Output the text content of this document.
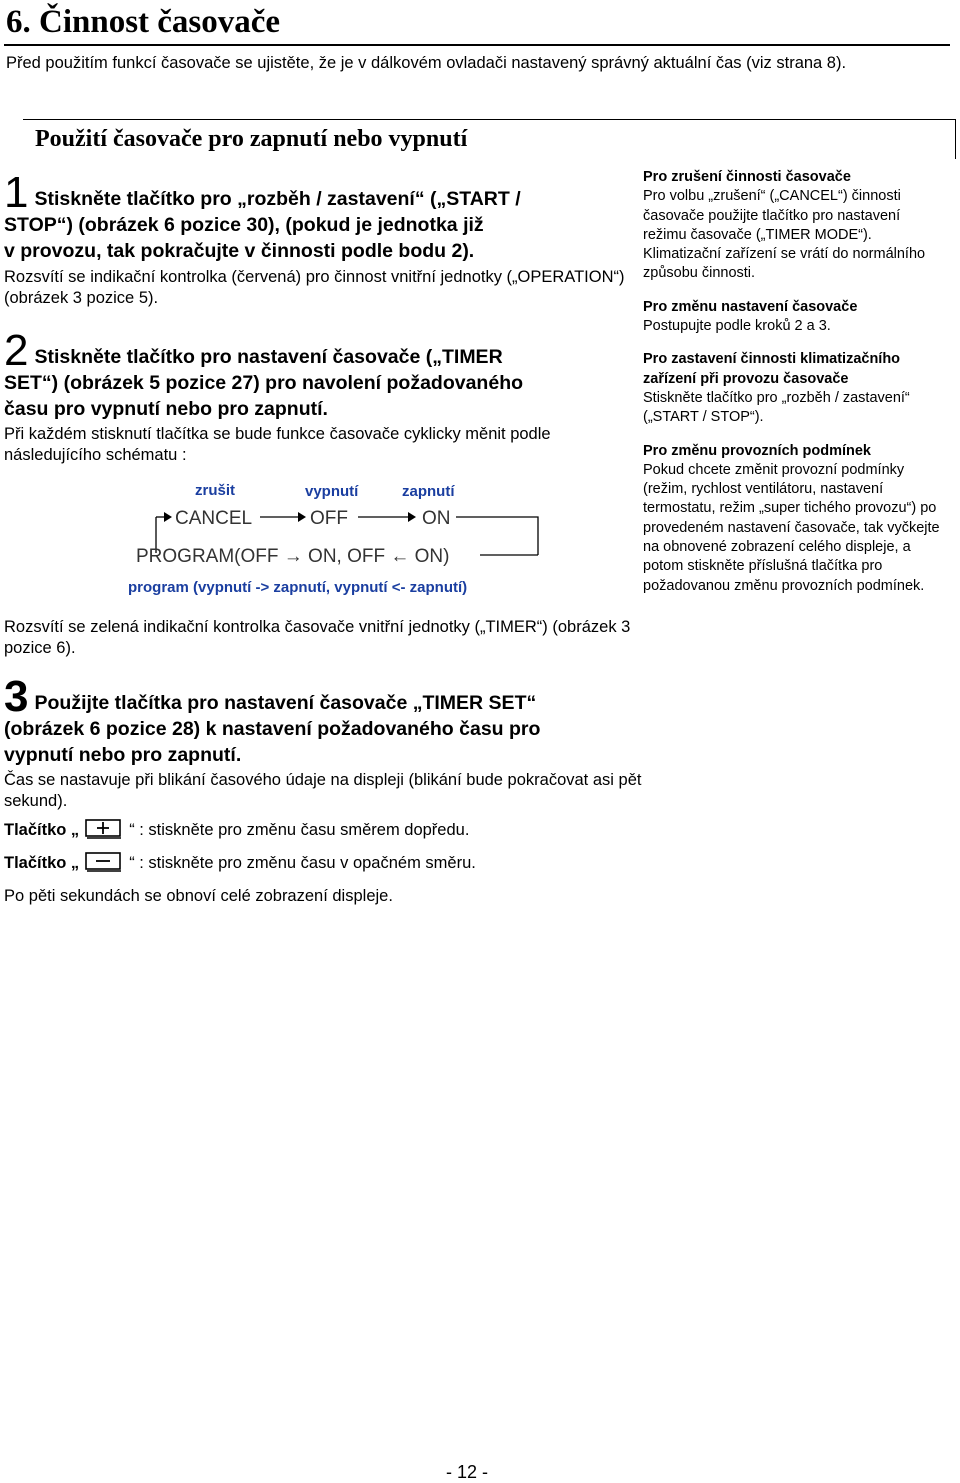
6. Činnost časovače
Před použitím funkcí časovače se ujistěte, že je v dálkovém ovladači nastavený správný aktuální čas (viz strana 8).
Použití časovače pro zapnutí nebo vypnutí
1 Stiskněte tlačítko pro „rozběh / zastavení“ („START /
STOP“) (obrázek 6 pozice 30), (pokud je jednotka již
v provozu, tak pokračujte v činnosti podle bodu 2).
Rozsvítí se indikační kontrolka (červená) pro činnost vnitřní jednotky („OPERATION“) (obrázek 3 pozice 5).
2 Stiskněte tlačítko pro nastavení časovače („TIMER
SET“) (obrázek 5 pozice 27) pro navolení požadovaného
času pro vypnutí nebo pro zapnutí.
Při každém stisknutí tlačítka se bude funkce časovače cyklicky měnit podle následujícího schématu :
zrušit	vypnutí	zapnutí
CANCEL	OFF	ON
PROGRAM(OFF → ON, OFF ← ON)
program (vypnutí -> zapnutí, vypnutí <- zapnutí)
Rozsvítí se zelená indikační kontrolka časovače vnitřní jednotky („TIMER“) (obrázek 3 pozice 6).
3 Použijte tlačítka pro nastavení časovače „TIMER SET“
(obrázek 6 pozice 28) k nastavení požadovaného času pro
vypnutí nebo pro zapnutí.
Čas se nastavuje při blikání časového údaje na displeji (blikání bude pokračovat asi pět sekund).
Tlačítko „	“ : stiskněte pro změnu času směrem dopředu.
Tlačítko „	“ : stiskněte pro změnu času v opačném směru.
Po pěti sekundách se obnoví celé zobrazení displeje.

Pro zrušení činnosti časovače
Pro volbu „zrušení“ („CANCEL“) činnosti časovače použijte tlačítko pro nastavení režimu časovače („TIMER MODE“). Klimatizační zařízení se vrátí do normálního způsobu činnosti.

Pro změnu nastavení časovače
Postupujte podle kroků 2 a 3.

Pro zastavení činnosti klimatizačního zařízení při provozu časovače
Stiskněte tlačítko pro „rozběh / zastavení“ („START / STOP“).

Pro změnu provozních podmínek
Pokud chcete změnit provozní podmínky (režim, rychlost ventilátoru, nastavení termostatu, režim „super tichého provozu“) po provedeném nastavení časovače, tak vyčkejte na obnovené zobrazení celého displeje, a potom stiskněte příslušná tlačítka pro požadovanou změnu provozních podmínek.

- 12 -
